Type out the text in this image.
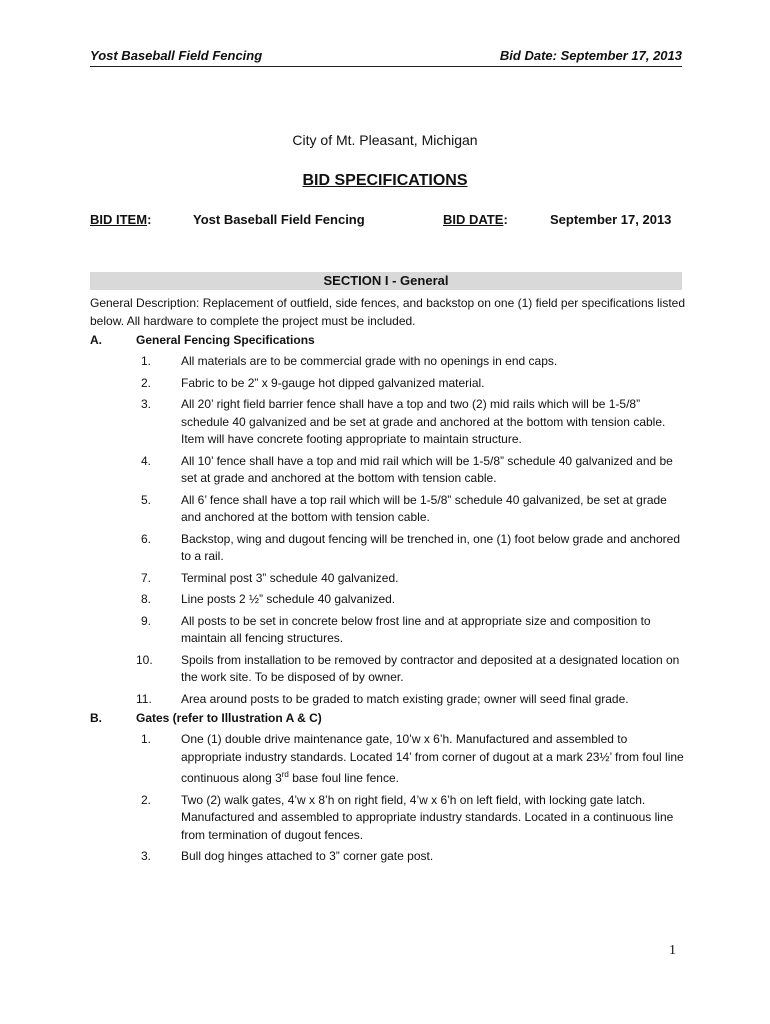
Yost Baseball Field Fencing	Bid Date: September 17, 2013
City of Mt. Pleasant, Michigan
BID SPECIFICATIONS
BID ITEM:	Yost Baseball Field Fencing	BID DATE:	September 17, 2013
SECTION I - General

General Description: Replacement of outfield, side fences, and backstop on one (1) field per specifications listed below. All hardware to complete the project must be included.

A.	General Fencing Specifications
1.	All materials are to be commercial grade with no openings in end caps.
2.	Fabric to be 2” x 9-gauge hot dipped galvanized material.
3.	All 20’ right field barrier fence shall have a top and two (2) mid rails which will be 1-5/8” schedule 40 galvanized and be set at grade and anchored at the bottom with tension cable. Item will have concrete footing appropriate to maintain structure.
4.	All 10’ fence shall have a top and mid rail which will be 1-5/8” schedule 40 galvanized and be set at grade and anchored at the bottom with tension cable.
5.	All 6’ fence shall have a top rail which will be 1-5/8” schedule 40 galvanized, be set at grade and anchored at the bottom with tension cable.
6.	Backstop, wing and dugout fencing will be trenched in, one (1) foot below grade and anchored to a rail.
7.	Terminal post 3” schedule 40 galvanized.
8.	Line posts 2 ½” schedule 40 galvanized.
9.	All posts to be set in concrete below frost line and at appropriate size and composition to maintain all fencing structures.
10. Spoils from installation to be removed by contractor and deposited at a designated location on the work site. To be disposed of by owner.
11. Area around posts to be graded to match existing grade; owner will seed final grade.
B.	Gates (refer to Illustration A & C)
1.	One (1) double drive maintenance gate, 10’w x 6’h. Manufactured and assembled to appropriate industry standards. Located 14’ from corner of dugout at a mark 23½’ from foul line continuous along 3rd base foul line fence.
2.	Two (2) walk gates, 4’w x 8’h on right field, 4’w x 6’h on left field, with locking gate latch. Manufactured and assembled to appropriate industry standards. Located in a continuous line from termination of dugout fences.
3.	Bull dog hinges attached to 3” corner gate post.
1
